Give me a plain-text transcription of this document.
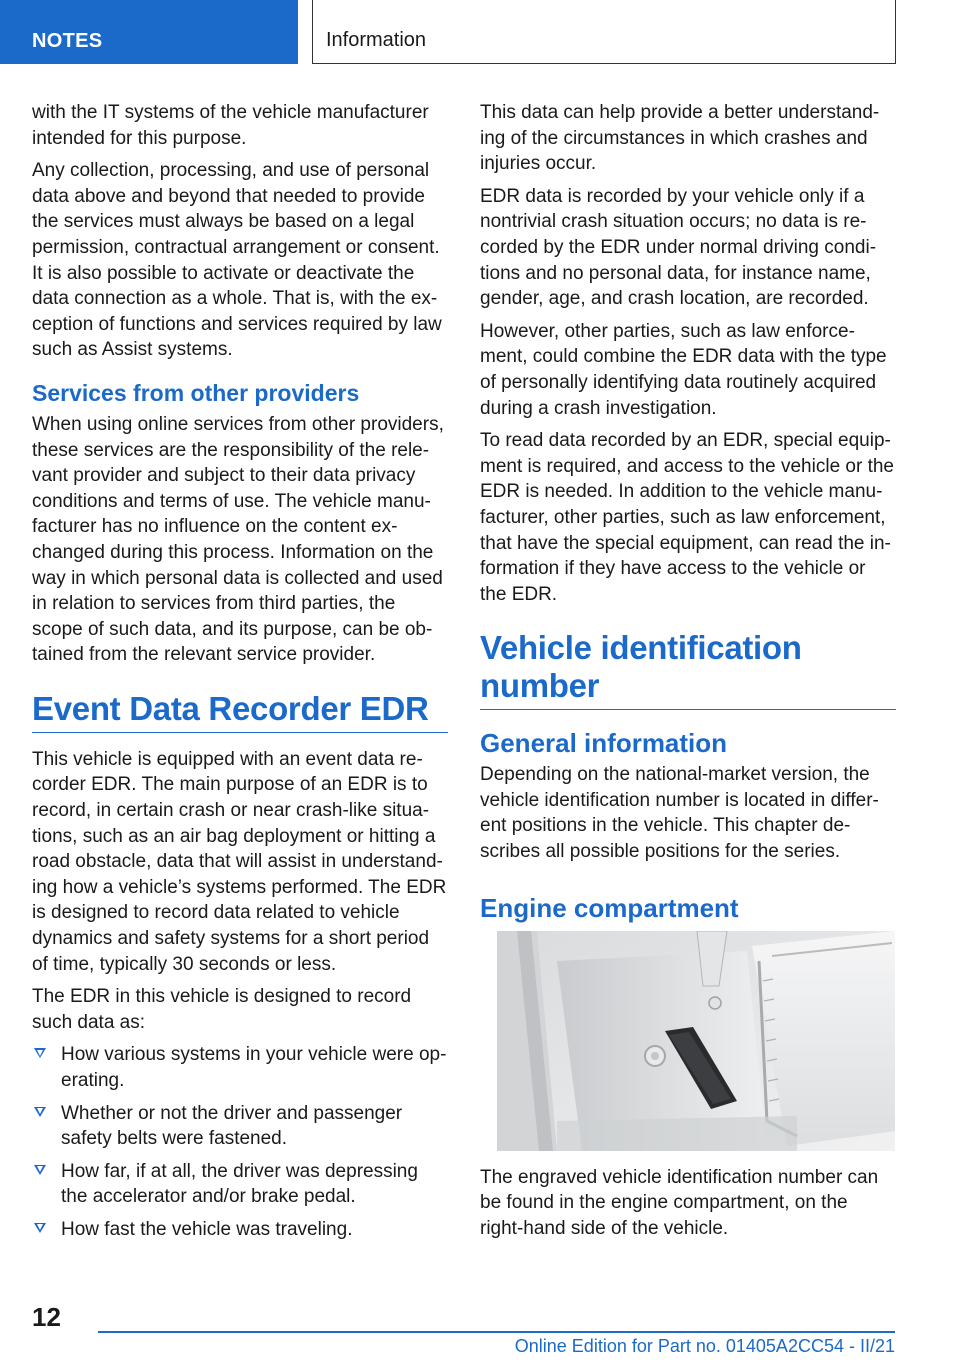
NOTES	Information

with the IT systems of the vehicle manufacturer intended for this purpose.

Any collection, processing, and use of personal data above and beyond that needed to provide the services must always be based on a legal permission, contractual arrangement or consent. It is also possible to activate or deactivate the data connection as a whole. That is, with the ex-ception of functions and services required by law such as Assist systems.

Services from other providers

When using online services from other providers, these services are the responsibility of the rele-vant provider and subject to their data privacy conditions and terms of use. The vehicle manu-facturer has no influence on the content ex-changed during this process. Information on the way in which personal data is collected and used in relation to services from third parties, the scope of such data, and its purpose, can be ob-tained from the relevant service provider.

Event Data Recorder EDR

This vehicle is equipped with an event data re-corder EDR. The main purpose of an EDR is to record, in certain crash or near crash-like situa-tions, such as an air bag deployment or hitting a road obstacle, data that will assist in understand-ing how a vehicle’s systems performed. The EDR is designed to record data related to vehicle dynamics and safety systems for a short period of time, typically 30 seconds or less.

The EDR in this vehicle is designed to record such data as:

How various systems in your vehicle were op-erating.
Whether or not the driver and passenger safety belts were fastened.
How far, if at all, the driver was depressing the accelerator and/or brake pedal.
How fast the vehicle was traveling.

This data can help provide a better understand-ing of the circumstances in which crashes and injuries occur.

EDR data is recorded by your vehicle only if a nontrivial crash situation occurs; no data is re-corded by the EDR under normal driving condi-tions and no personal data, for instance name, gender, age, and crash location, are recorded.

However, other parties, such as law enforce-ment, could combine the EDR data with the type of personally identifying data routinely acquired during a crash investigation.

To read data recorded by an EDR, special equip-ment is required, and access to the vehicle or the EDR is needed. In addition to the vehicle manu-facturer, other parties, such as law enforcement, that have the special equipment, can read the in-formation if they have access to the vehicle or the EDR.

Vehicle identification number
General information

Depending on the national-market version, the vehicle identification number is located in differ-ent positions in the vehicle. This chapter de-scribes all possible positions for the series.

Engine compartment

The engraved vehicle identification number can be found in the engine compartment, on the right-hand side of the vehicle.

12
Online Edition for Part no. 01405A2CC54 - II/21
